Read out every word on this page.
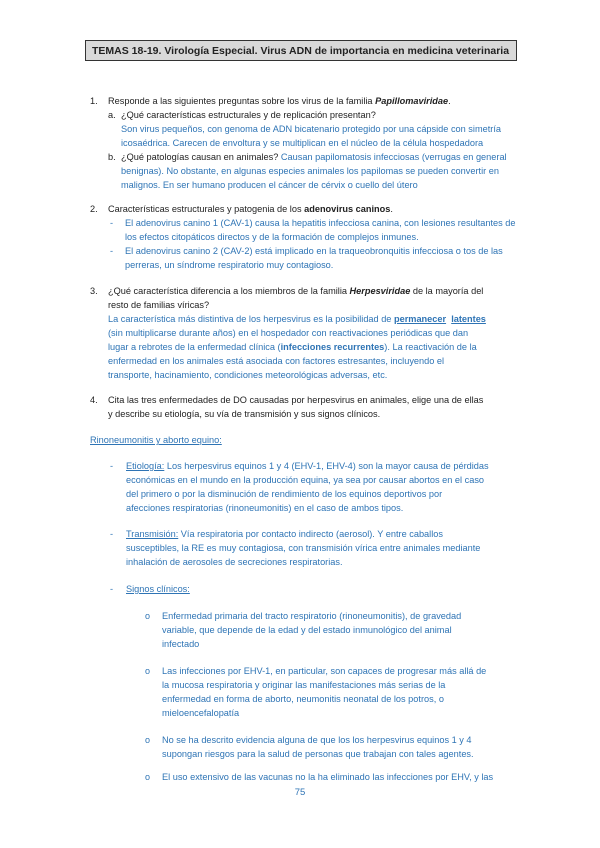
TEMAS 18-19. Virología Especial. Virus ADN de importancia en medicina veterinaria
1. Responde a las siguientes preguntas sobre los virus de la familia Papillomaviridae.
a. ¿Qué características estructurales y de replicación presentan?
Son virus pequeños, con genoma de ADN bicatenario protegido por una cápside con simetría
icosaédrica. Carecen de envoltura y se multiplican en el núcleo de la célula hospedadora
b. ¿Qué patologías causan en animales? Causan papilomatosis infecciosas (verrugas en general
benignas). No obstante, en algunas especies animales los papilomas se pueden convertir en
malignos. En ser humano producen el cáncer de cérvix o cuello del útero
2. Características estructurales y patogenia de los adenovirus caninos.
- El adenovirus canino 1 (CAV-1) causa la hepatitis infecciosa canina, con lesiones resultantes de
los efectos citopáticos directos y de la formación de complejos inmunes.
- El adenovirus canino 2 (CAV-2) está implicado en la traqueobronquitis infecciosa o tos de las
perreras, un síndrome respiratorio muy contagioso.
3. ¿Qué característica diferencia a los miembros de la familia Herpesviridae de la mayoría del
resto de familias víricas?
La característica más distintiva de los herpesvirus es la posibilidad de permanecer latentes
(sin multiplicarse durante años) en el hospedador con reactivaciones periódicas que dan
lugar a rebrotes de la enfermedad clínica (infecciones recurrentes). La reactivación de la
enfermedad en los animales está asociada con factores estresantes, incluyendo el
transporte, hacinamiento, condiciones meteorológicas adversas, etc.
4. Cita las tres enfermedades de DO causadas por herpesvirus en animales, elige una de ellas
y describe su etiología, su vía de transmisión y sus signos clínicos.
Rinoneumonitis y aborto equino:
- Etiología: Los herpesvirus equinos 1 y 4 (EHV-1, EHV-4) son la mayor causa de pérdidas
económicas en el mundo en la producción equina, ya sea por causar abortos en el caso
del primero o por la disminución de rendimiento de los equinos deportivos por
afecciones respiratorias (rinoneumonitis) en el caso de ambos tipos.
- Transmisión: Vía respiratoria por contacto indirecto (aerosol). Y entre caballos
susceptibles, la RE es muy contagiosa, con transmisión vírica entre animales mediante
inhalación de aerosoles de secreciones respiratorias.
- Signos clínicos:
o Enfermedad primaria del tracto respiratorio (rinoneumonitis), de gravedad
variable, que depende de la edad y del estado inmunológico del animal
infectado
o Las infecciones por EHV-1, en particular, son capaces de progresar más allá de
la mucosa respiratoria y originar las manifestaciones más serias de la
enfermedad en forma de aborto, neumonitis neonatal de los potros, o
mieloencefalopatía
o No se ha descrito evidencia alguna de que los los herpesvirus equinos 1 y 4
supongan riesgos para la salud de personas que trabajan con tales agentes.
o El uso extensivo de las vacunas no la ha eliminado las infecciones por EHV, y las
75
